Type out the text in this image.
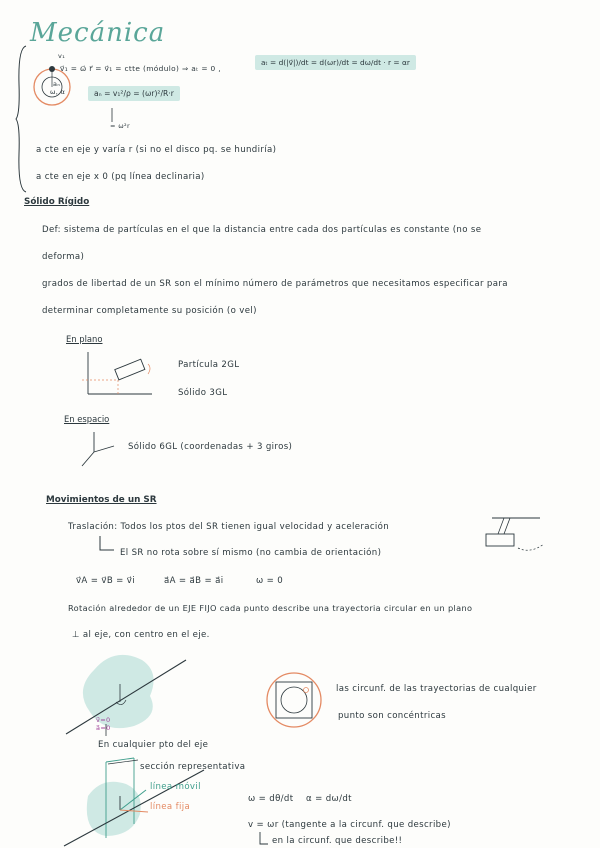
Mecánica
v₁
aₙ
ω, α
v⃗₁ = ω⃗ r⃗ = v⃗₁ = ctte (módulo) ⇒ aₜ = 0 ,
aₜ = d(|v⃗|)/dt = d(ωr)/dt = dω/dt · r = αr
aₙ = v₁²/ρ = (ωr)²/R·r
= ω²r
a cte en eje y varía r (si no el disco pq. se hundiría)
a cte en eje x 0 (pq línea declinaria)
Sólido Rígido
Def: sistema de partículas en el que la distancia entre cada dos partículas es constante (no se
deforma)
grados de libertad de un SR son el mínimo número de parámetros que necesitamos especificar para
determinar completamente su posición (o vel)
En plano
Partícula 2GL
Sólido 3GL
En espacio
Sólido 6GL (coordenadas + 3 giros)
Movimientos de un SR
Traslación: Todos los ptos del SR tienen igual velocidad y aceleración
El SR no rota sobre sí mismo (no cambia de orientación)
v⃗A = v⃗B = v⃗i	a⃗A = a⃗B = a⃗i	ω = 0
Rotación alrededor de un EJE FIJO cada punto describe una trayectoria circular en un plano
⊥ al eje, con centro en el eje.
v⃗=0
a⃗=0
En cualquier pto del eje
las circunf. de las trayectorias de cualquier
punto son concéntricas
sección representativa
línea móvil
línea fija
ω = dθ/dt α = dω/dt
v = ωr (tangente a la circunf. que describe)
en la circunf. que describe!!
